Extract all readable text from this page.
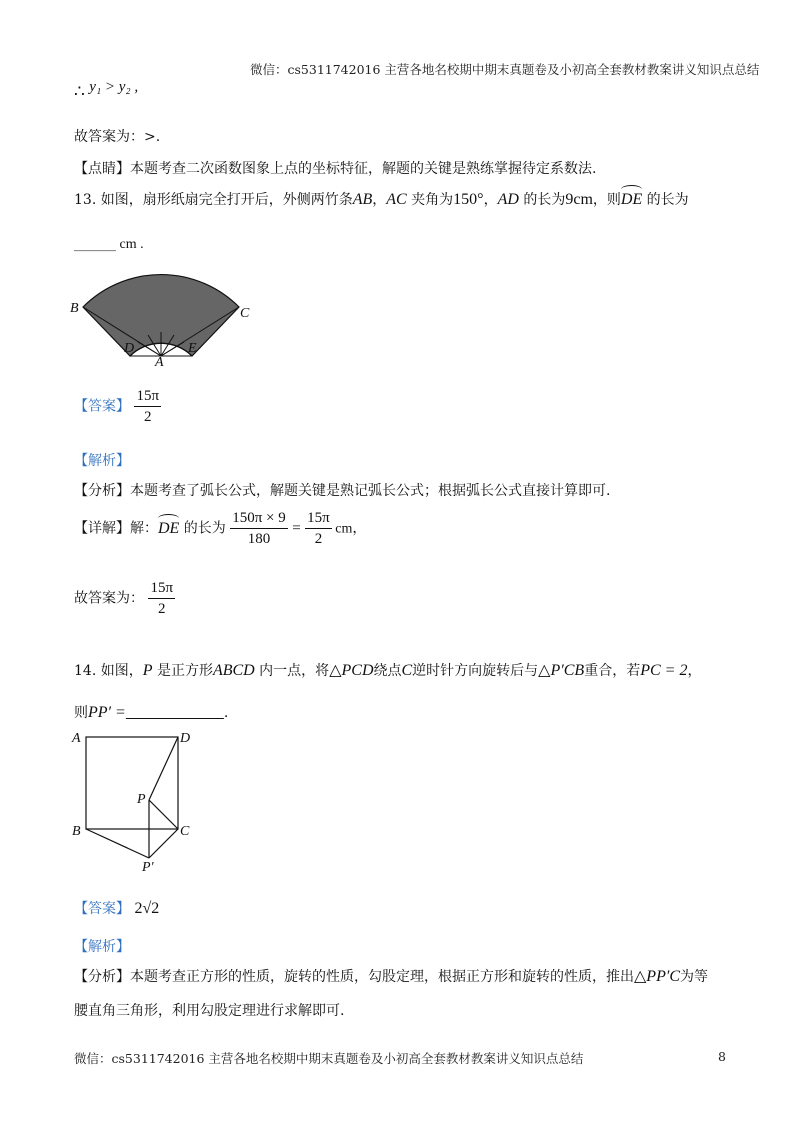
微信：cs5311742016 主营各地名校期中期末真题卷及小初高全套教材教案讲义知识点总结
∴ y₁ > y₂ ,
故答案为：>.
【点睛】本题考查二次函数图象上点的坐标特征，解题的关键是熟练掌握待定系数法.
13. 如图，扇形纸扇完全打开后，外侧两竹条AB，AC 夹角为150°，AD 的长为9cm，则DE 的长为
______ cm .
B	C
D	E
A
【答案】 $\frac{15\pi}{2}$
【解析】
【分析】本题考查了弧长公式，解题关键是熟记弧长公式；根据弧长公式直接计算即可.
【详解】解：DE 的长为 $\frac{150\pi \times 9}{180} = \frac{15\pi}{2}$ cm，
故答案为： $\frac{15\pi}{2}$
14. 如图，P 是正方形ABCD 内一点，将△PCD绕点C逆时针方向旋转后与△P′CB重合，若PC = 2，
则PP′ =______________.
A	D
P
B	C
P′
【答案】 2√2
【解析】
【分析】本题考查正方形的性质，旋转的性质，勾股定理，根据正方形和旋转的性质，推出△PP′C为等
腰直角三角形，利用勾股定理进行求解即可.
微信：cs5311742016 主营各地名校期中期末真题卷及小初高全套教材教案讲义知识点总结	8
